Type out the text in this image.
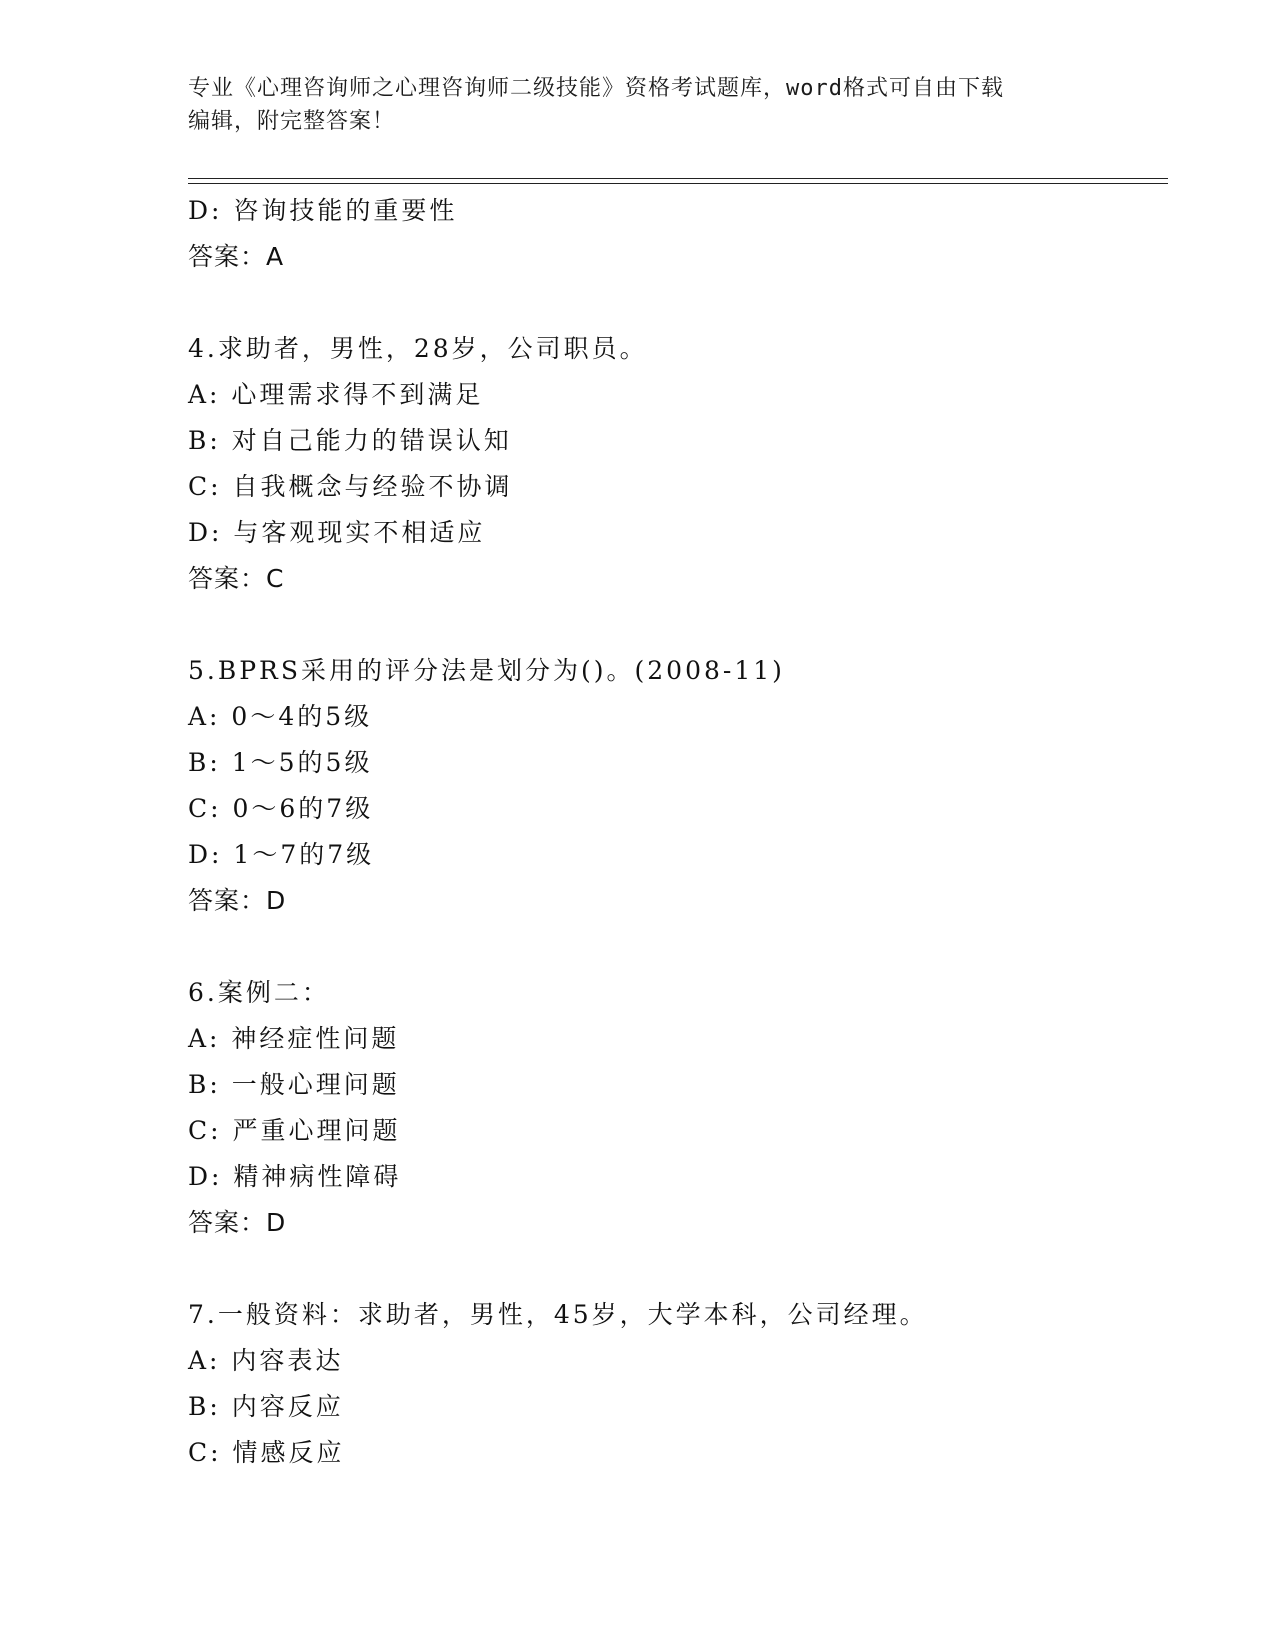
专业《心理咨询师之心理咨询师二级技能》资格考试题库，word格式可自由下载
编辑，附完整答案！
D: 咨询技能的重要性
答案：A
4.求助者，男性，28岁，公司职员。
A: 心理需求得不到满足
B: 对自己能力的错误认知
C: 自我概念与经验不协调
D: 与客观现实不相适应
答案：C
5.BPRS采用的评分法是划分为()。(2008-11)
A: 0～4的5级
B: 1～5的5级
C: 0～6的7级
D: 1～7的7级
答案：D
6.案例二：
A: 神经症性问题
B: 一般心理问题
C: 严重心理问题
D: 精神病性障碍
答案：D
7.一般资料：求助者，男性，45岁，大学本科，公司经理。
A: 内容表达
B: 内容反应
C: 情感反应
